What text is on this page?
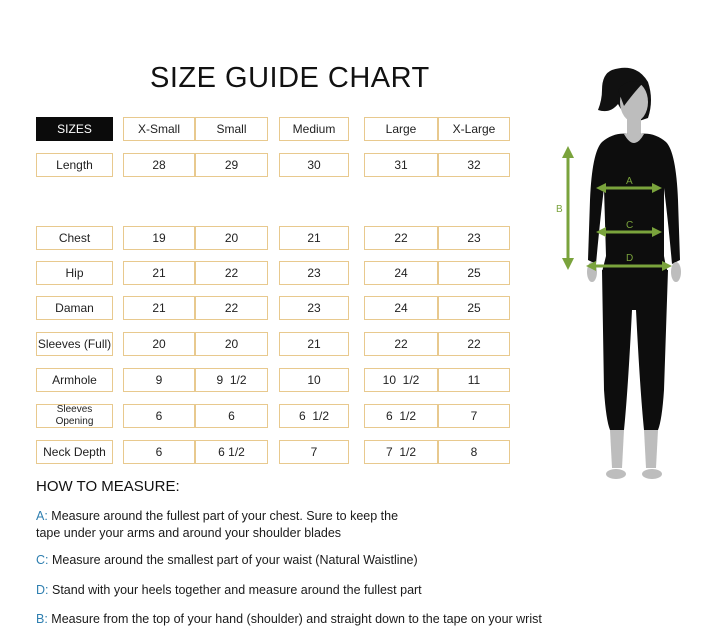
SIZE GUIDE CHART
SIZES	X-Small	Small	Medium	Large	X-Large
Length	28	29	30	31	32
Chest	19	20	21	22	23
Hip	21	22	23	24	25
Daman	21	22	23	24	25
Sleeves (Full)	20	20	21	22	22
Armhole	9	9  1/2	10	10  1/2	11
Sleeves Opening	6	6	6  1/2	6  1/2	7
Neck Depth	6	6 1/2	7	7  1/2	8
HOW TO MEASURE:
A: Measure around the fullest part of your chest. Sure to keep the
tape under your arms and around your shoulder blades
C: Measure around the smallest part of your waist (Natural Waistline)
D: Stand with your heels together and measure around the fullest part
B: Measure from the top of your hand (shoulder) and straight down to the tape on your wrist
A
B
C
D
